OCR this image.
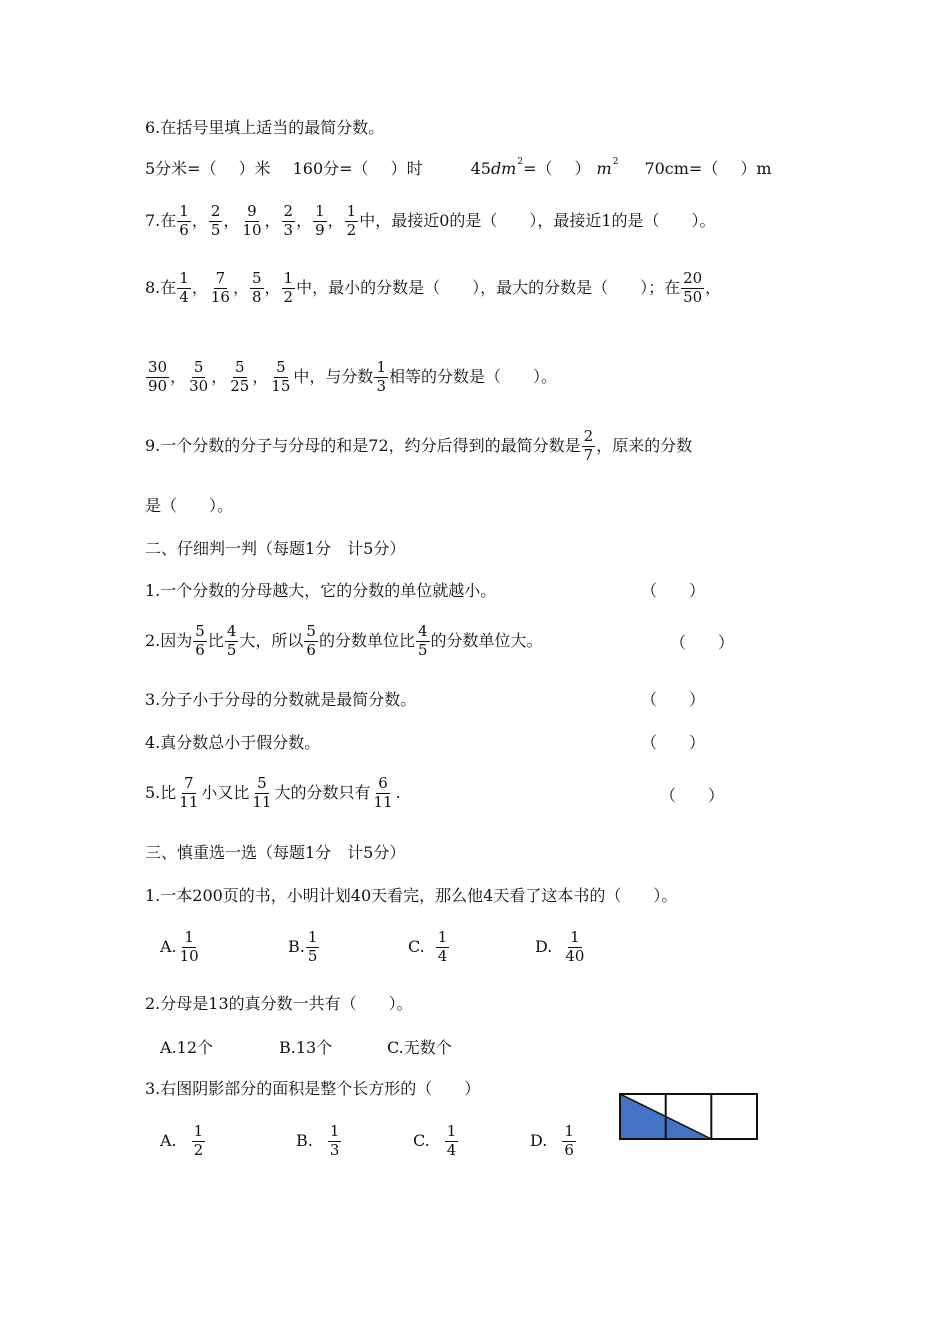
6.在括号里填上适当的最简分数。
5分米=（ ）米 160分=（ ）时	45 $dm^2$ =（ ） $m^2$ 70cm=（ ）m
7.在 $\frac{1}{6}$ ， $\frac{2}{5}$ ， $\frac{9}{10}$ ， $\frac{2}{3}$ ， $\frac{1}{9}$ ， $\frac{1}{2}$ 中，最接近0的是（　　），最接近1的是（　　）。
8.在 $\frac{1}{4}$ ， $\frac{7}{16}$ ， $\frac{5}{8}$ ， $\frac{1}{2}$ 中，最小的分数是（　　），最大的分数是（　　）；在 $\frac{20}{50}$ ，
$\frac{30}{90}$ ， $\frac{5}{30}$ ， $\frac{5}{25}$ ， $\frac{5}{15}$ 中，与分数 $\frac{1}{3}$ 相等的分数是（　　）。
9.一个分数的分子与分母的和是72，约分后得到的最简分数是 $\frac{2}{7}$ ，原来的分数
是（　　）。
二、仔细判一判（每题1分　计5分）
1.一个分数的分母越大，它的分数的单位就越小。	（　　）
2.因为 $\frac{5}{6}$ 比 $\frac{4}{5}$ 大，所以 $\frac{5}{6}$ 的分数单位比 $\frac{4}{5}$ 的分数单位大。	（　　）
3.分子小于分母的分数就是最简分数。	（　　）
4.真分数总小于假分数。	（　　）
5.比 $\frac{7}{11}$ 小又比 $\frac{5}{11}$ 大的分数只有 $\frac{6}{11}$ .	（　　）
三、慎重选一选（每题1分　计5分）
1.一本200页的书，小明计划40天看完，那么他4天看了这本书的（　　）。
A. $\frac{1}{10}$	B. $\frac{1}{5}$	C. $\frac{1}{4}$	D. $\frac{1}{40}$
2.分母是13的真分数一共有（　　）。
A.12个	B.13个	C.无数个
3.右图阴影部分的面积是整个长方形的（　　）
A. $\frac{1}{2}$	B. $\frac{1}{3}$	C. $\frac{1}{4}$	D. $\frac{1}{6}$
